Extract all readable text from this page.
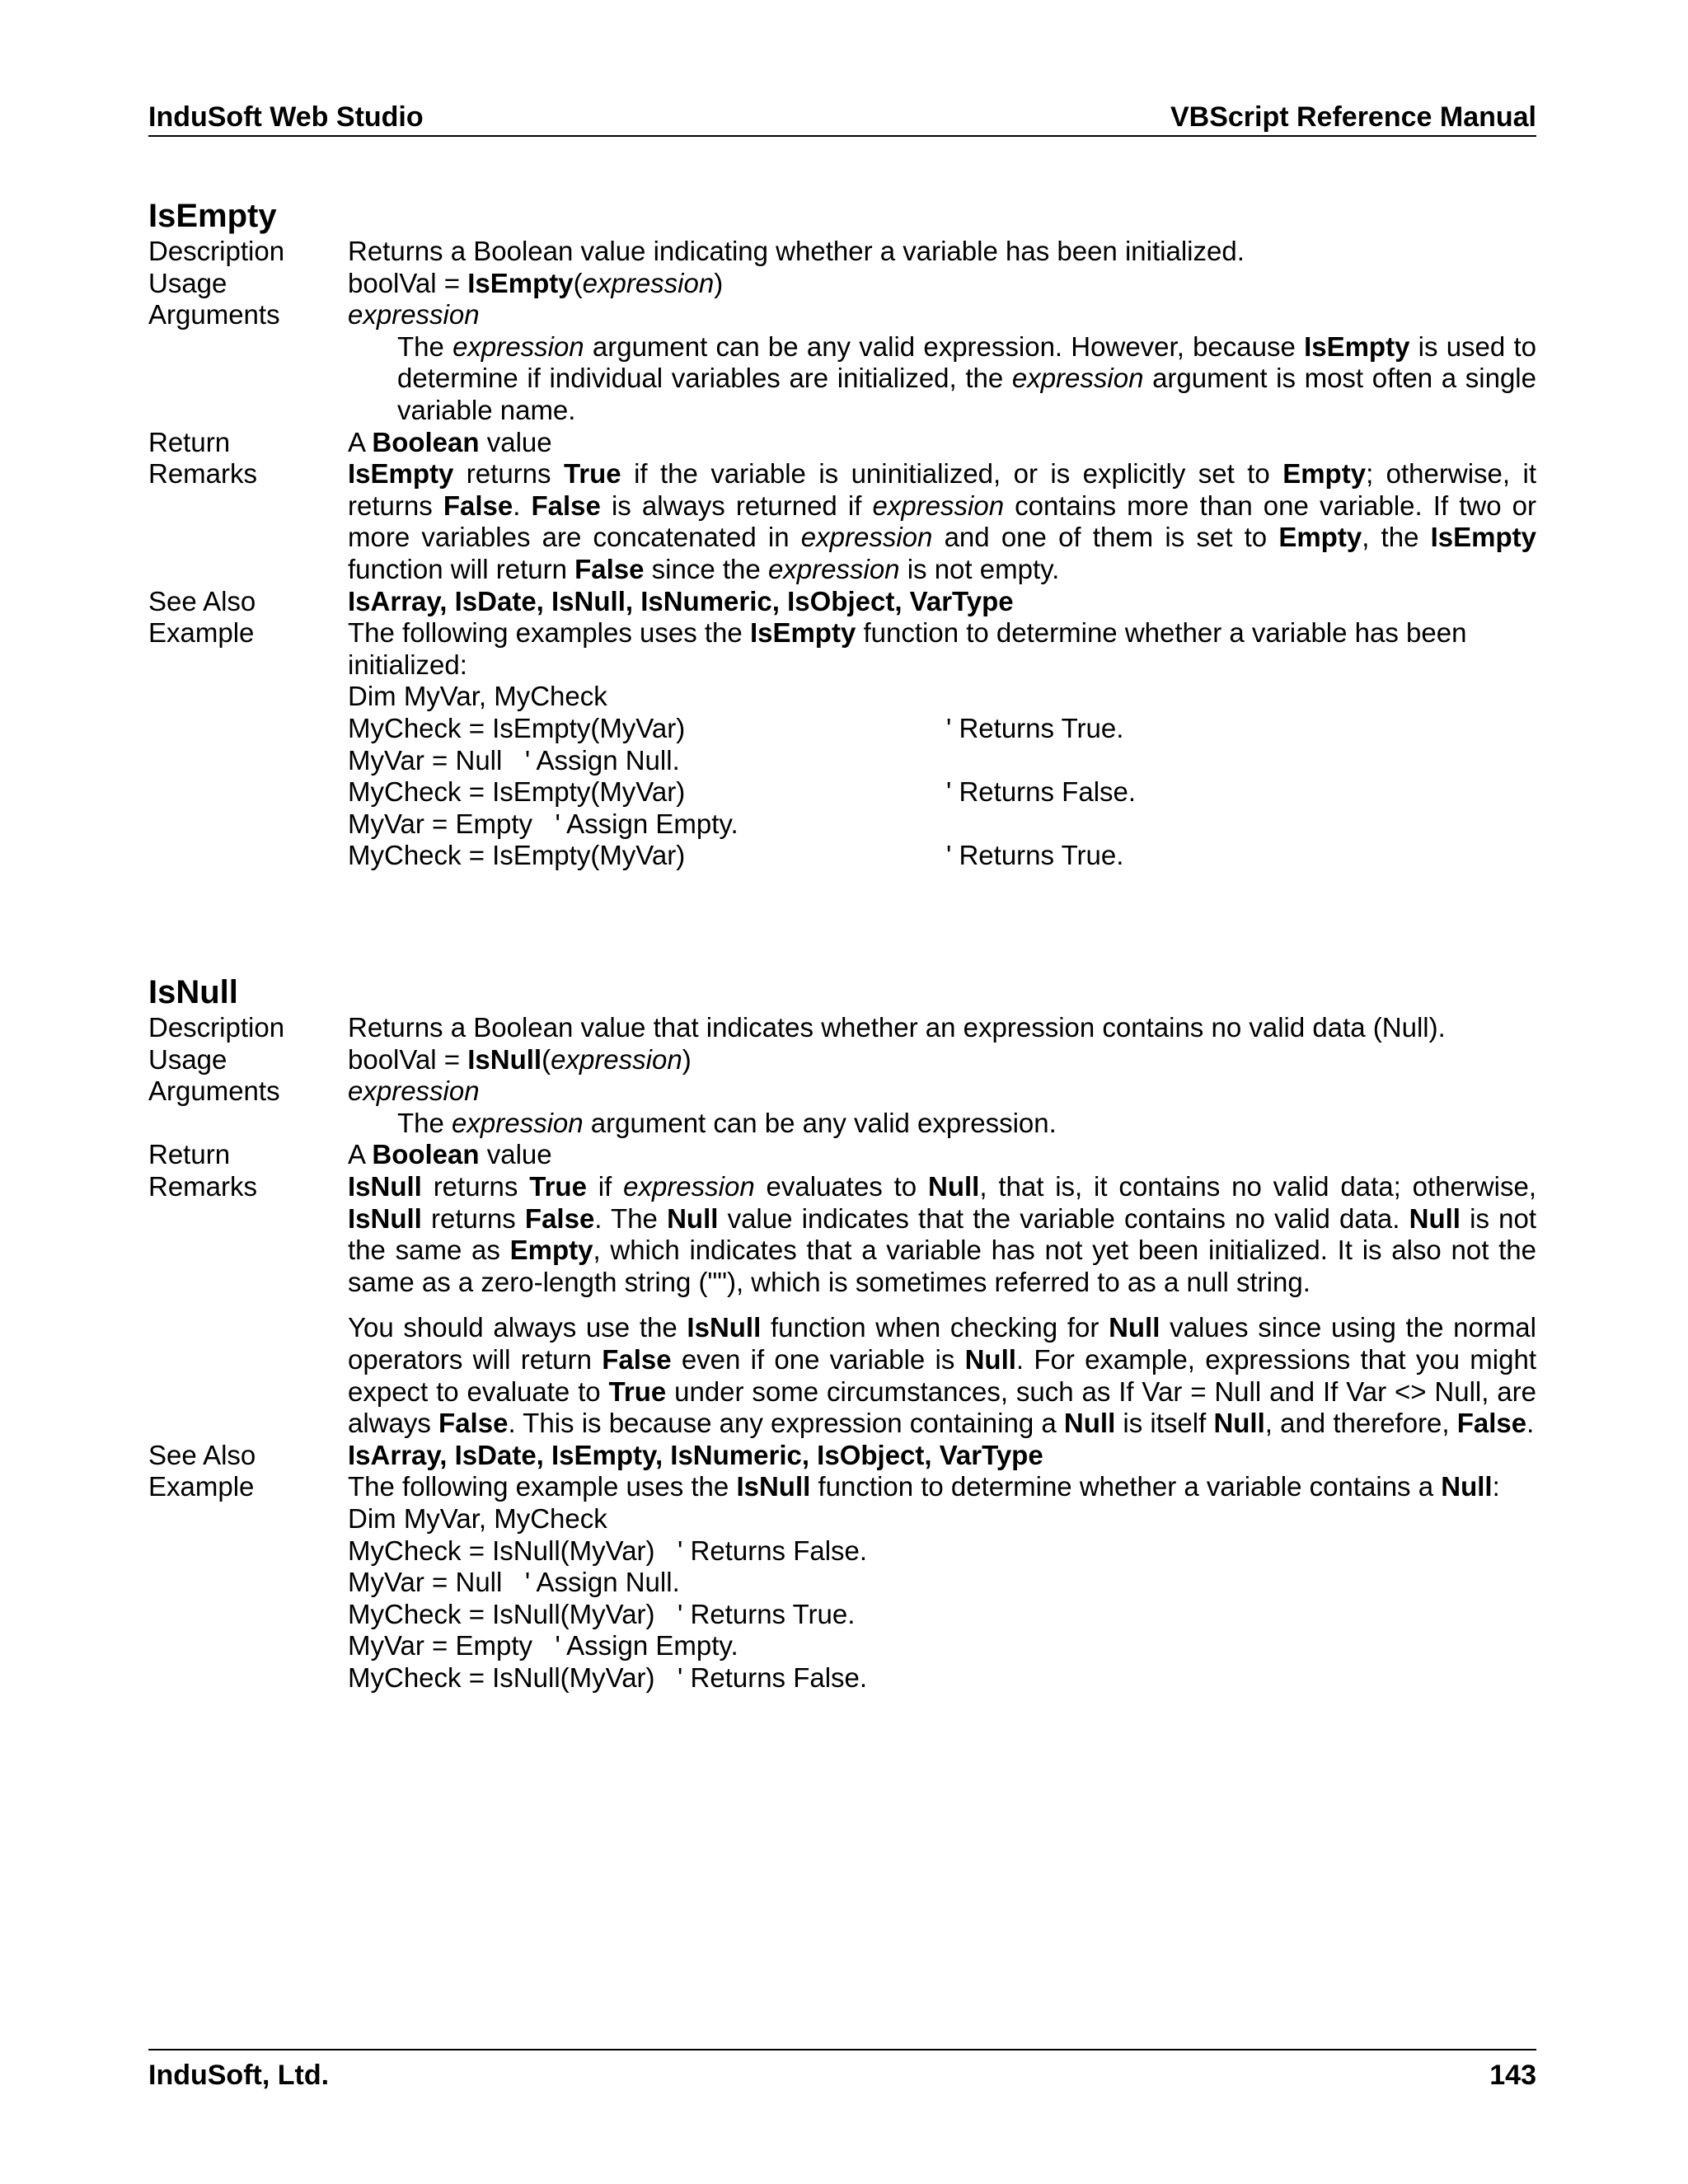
InduSoft Web Studio	VBScript Reference Manual
IsEmpty
Description	Returns a Boolean value indicating whether a variable has been initialized.
Usage	boolVal = IsEmpty(expression)
Arguments	expression
The expression argument can be any valid expression. However, because IsEmpty is used to determine if individual variables are initialized, the expression argument is most often a single variable name.
Return	A Boolean value
Remarks	IsEmpty returns True if the variable is uninitialized, or is explicitly set to Empty; otherwise, it returns False. False is always returned if expression contains more than one variable. If two or more variables are concatenated in expression and one of them is set to Empty, the IsEmpty function will return False since the expression is not empty.
See Also	IsArray, IsDate, IsNull, IsNumeric, IsObject, VarType
Example	The following examples uses the IsEmpty function to determine whether a variable has been initialized:
Dim MyVar, MyCheck
MyCheck = IsEmpty(MyVar)	' Returns True.
MyVar = Null   ' Assign Null.
MyCheck = IsEmpty(MyVar)	' Returns False.
MyVar = Empty   ' Assign Empty.
MyCheck = IsEmpty(MyVar)	' Returns True.
IsNull
Description	Returns a Boolean value that indicates whether an expression contains no valid data (Null).
Usage	boolVal = IsNull(expression)
Arguments	expression
The expression argument can be any valid expression.
Return	A Boolean value
Remarks	IsNull returns True if expression evaluates to Null, that is, it contains no valid data; otherwise, IsNull returns False. The Null value indicates that the variable contains no valid data. Null is not the same as Empty, which indicates that a variable has not yet been initialized. It is also not the same as a zero-length string (""), which is sometimes referred to as a null string.
You should always use the IsNull function when checking for Null values since using the normal operators will return False even if one variable is Null. For example, expressions that you might expect to evaluate to True under some circumstances, such as If Var = Null and If Var <> Null, are always False. This is because any expression containing a Null is itself Null, and therefore, False.
See Also	IsArray, IsDate, IsEmpty, IsNumeric, IsObject, VarType
Example	The following example uses the IsNull function to determine whether a variable contains a Null:
Dim MyVar, MyCheck
MyCheck = IsNull(MyVar)   ' Returns False.
MyVar = Null   ' Assign Null.
MyCheck = IsNull(MyVar)   ' Returns True.
MyVar = Empty   ' Assign Empty.
MyCheck = IsNull(MyVar)   ' Returns False.
InduSoft, Ltd.	143
